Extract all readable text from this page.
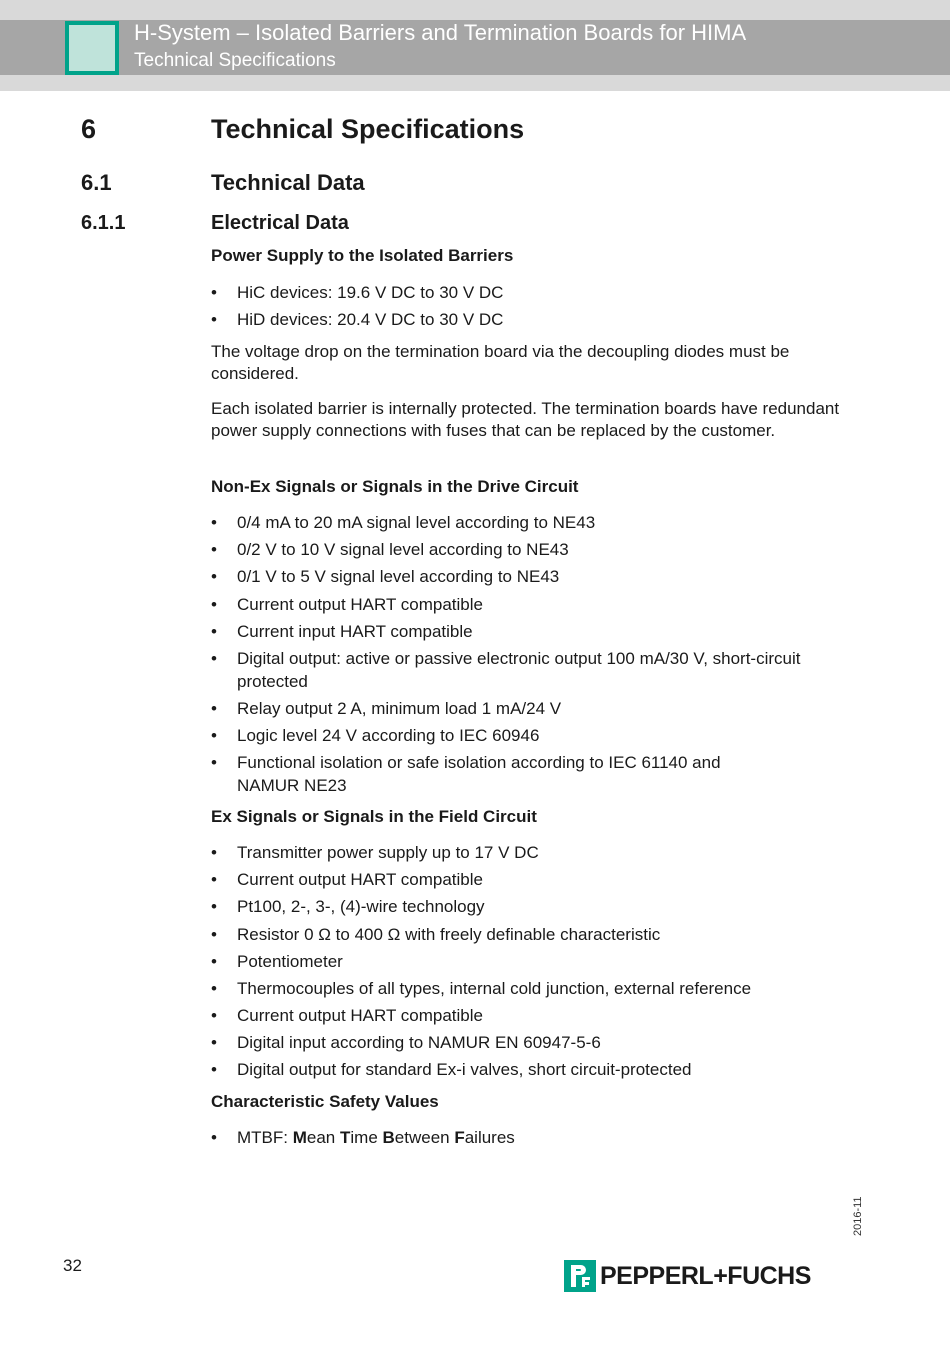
H-System – Isolated Barriers and Termination Boards for HIMA
Technical Specifications
6	Technical Specifications
6.1	Technical Data
6.1.1	Electrical Data
Power Supply to the Isolated Barriers
• HiC devices: 19.6 V DC to 30 V DC
• HiD devices: 20.4 V DC to 30 V DC
The voltage drop on the termination board via the decoupling diodes must be considered.
Each isolated barrier is internally protected. The termination boards have redundant power supply connections with fuses that can be replaced by the customer.
Non-Ex Signals or Signals in the Drive Circuit
• 0/4 mA to 20 mA signal level according to NE43
• 0/2 V to 10 V signal level according to NE43
• 0/1 V to 5 V signal level according to NE43
• Current output HART compatible
• Current input HART compatible
• Digital output: active or passive electronic output 100 mA/30 V, short-circuit protected
• Relay output 2 A, minimum load 1 mA/24 V
• Logic level 24 V according to IEC 60946
• Functional isolation or safe isolation according to IEC 61140 and NAMUR NE23
Ex Signals or Signals in the Field Circuit
• Transmitter power supply up to 17 V DC
• Current output HART compatible
• Pt100, 2-, 3-, (4)-wire technology
• Resistor 0 Ω to 400 Ω with freely definable characteristic
• Potentiometer
• Thermocouples of all types, internal cold junction, external reference
• Current output HART compatible
• Digital input according to NAMUR EN 60947-5-6
• Digital output for standard Ex-i valves, short circuit-protected
Characteristic Safety Values
• MTBF: Mean Time Between Failures
2016-11
32	PEPPERL+FUCHS
